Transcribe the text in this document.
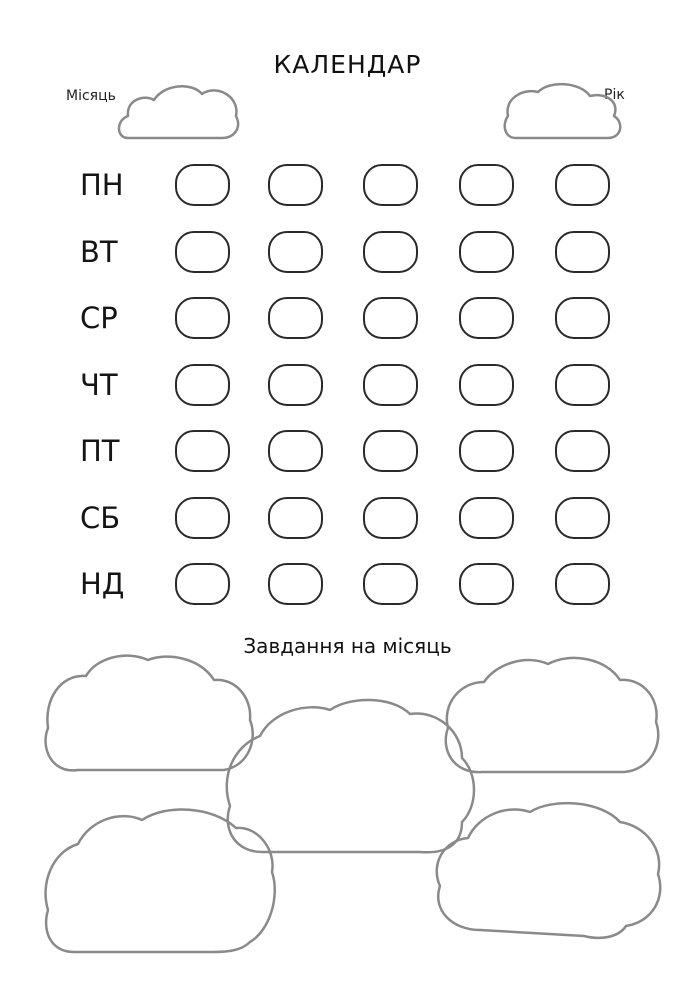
КАЛЕНДАР
Місяць	Рік
ПН
ВТ
СР
ЧТ
ПТ
СБ
НД
Завдання на місяць
